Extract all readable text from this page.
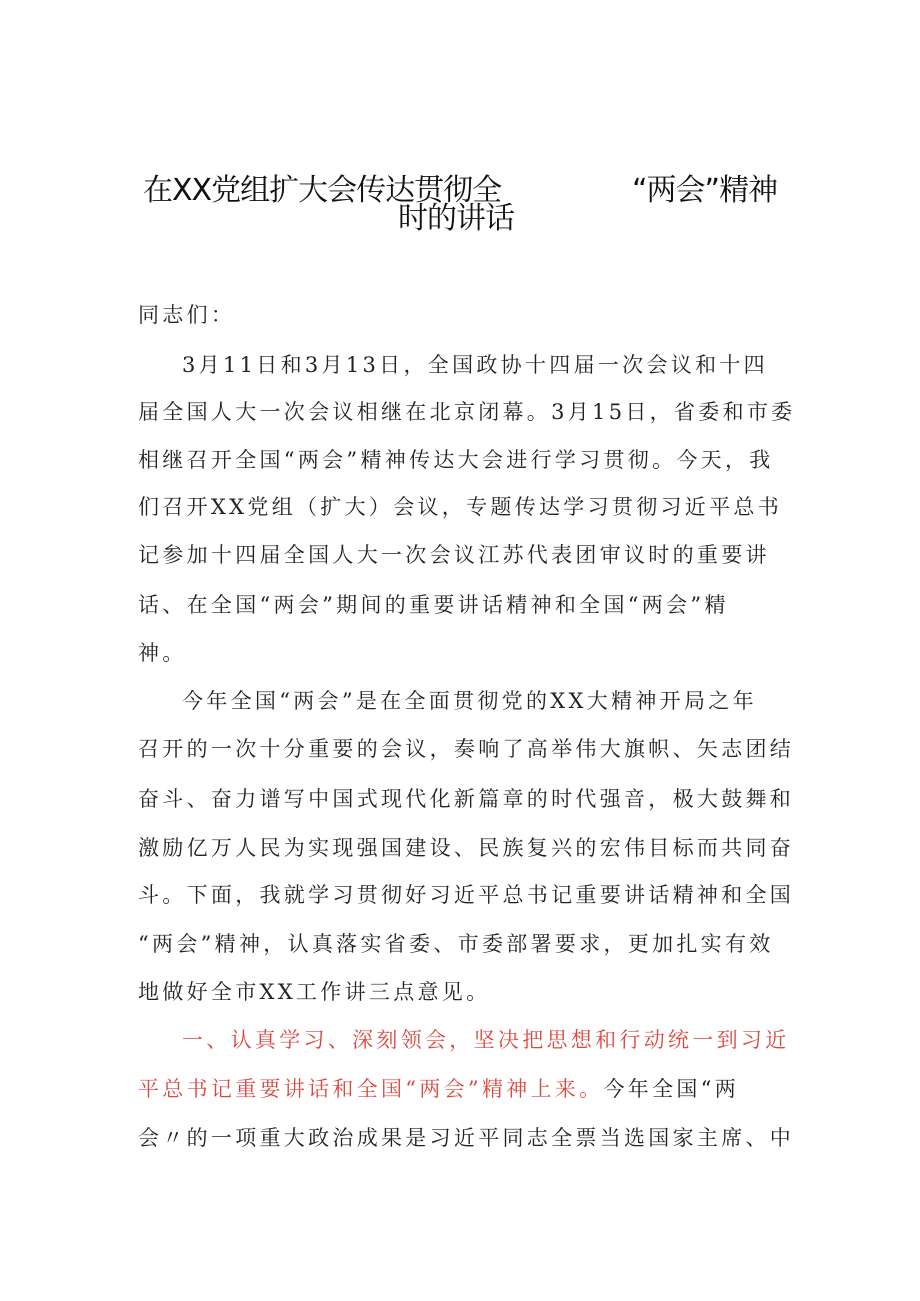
在XX党组扩大会传达贯彻全	“两会”精神
时的讲话
同志们：
3月11日和3月13日，全国政协十四届一次会议和十四
届全国人大一次会议相继在北京闭幕。3月15日，省委和市委
相继召开全国“两会”精神传达大会进行学习贯彻。今天，我
们召开XX党组（扩大）会议，专题传达学习贯彻习近平总书
记参加十四届全国人大一次会议江苏代表团审议时的重要讲
话、在全国“两会”期间的重要讲话精神和全国“两会”精
神。
今年全国“两会”是在全面贯彻党的XX大精神开局之年
召开的一次十分重要的会议，奏响了高举伟大旗帜、矢志团结
奋斗、奋力谱写中国式现代化新篇章的时代强音，极大鼓舞和
激励亿万人民为实现强国建设、民族复兴的宏伟目标而共同奋
斗。下面，我就学习贯彻好习近平总书记重要讲话精神和全国
“两会”精神，认真落实省委、市委部署要求，更加扎实有效
地做好全市XX工作讲三点意见。
一、认真学习、深刻领会，坚决把思想和行动统一到习近
平总书记重要讲话和全国“两会”精神上来。今年全国“两
会〃的一项重大政治成果是习近平同志全票当选国家主席、中
